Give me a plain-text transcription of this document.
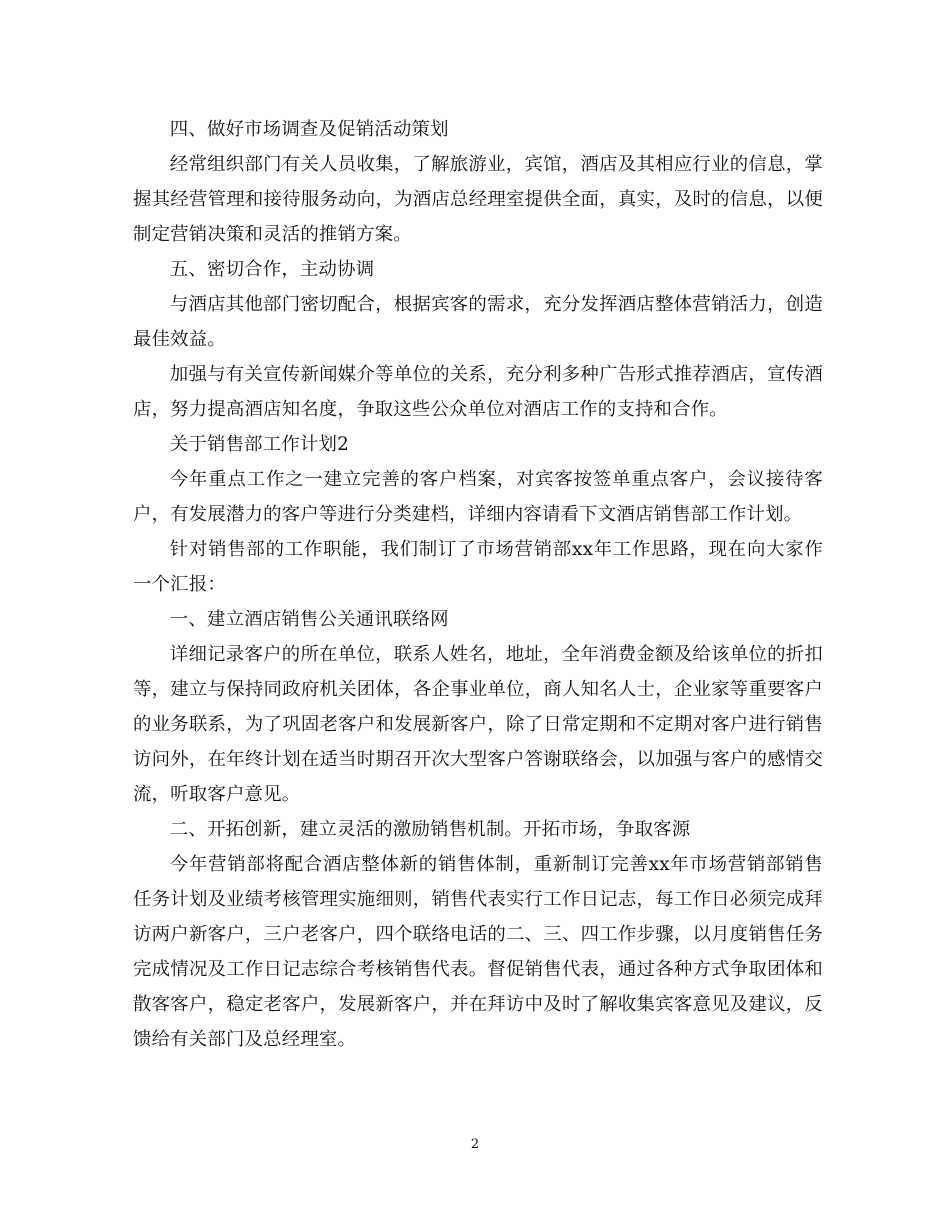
四、做好市场调查及促销活动策划

经常组织部门有关人员收集，了解旅游业，宾馆，酒店及其相应行业的信息，掌握其经营管理和接待服务动向，为酒店总经理室提供全面，真实，及时的信息，以便制定营销决策和灵活的推销方案。

五、密切合作，主动协调

与酒店其他部门密切配合，根据宾客的需求，充分发挥酒店整体营销活力，创造最佳效益。

加强与有关宣传新闻媒介等单位的关系，充分利多种广告形式推荐酒店，宣传酒店，努力提高酒店知名度，争取这些公众单位对酒店工作的支持和合作。

关于销售部工作计划2

今年重点工作之一建立完善的客户档案，对宾客按签单重点客户，会议接待客户，有发展潜力的客户等进行分类建档，详细内容请看下文酒店销售部工作计划。

针对销售部的工作职能，我们制订了市场营销部xx年工作思路，现在向大家作一个汇报：

一、建立酒店销售公关通讯联络网

详细记录客户的所在单位，联系人姓名，地址，全年消费金额及给该单位的折扣等，建立与保持同政府机关团体，各企事业单位，商人知名人士，企业家等重要客户的业务联系，为了巩固老客户和发展新客户，除了日常定期和不定期对客户进行销售访问外，在年终计划在适当时期召开次大型客户答谢联络会，以加强与客户的感情交流，听取客户意见。

二、开拓创新，建立灵活的激励销售机制。开拓市场，争取客源

今年营销部将配合酒店整体新的销售体制，重新制订完善xx年市场营销部销售任务计划及业绩考核管理实施细则，销售代表实行工作日记志，每工作日必须完成拜访两户新客户，三户老客户，四个联络电话的二、三、四工作步骤，以月度销售任务完成情况及工作日记志综合考核销售代表。督促销售代表，通过各种方式争取团体和散客客户，稳定老客户，发展新客户，并在拜访中及时了解收集宾客意见及建议，反馈给有关部门及总经理室。

2
